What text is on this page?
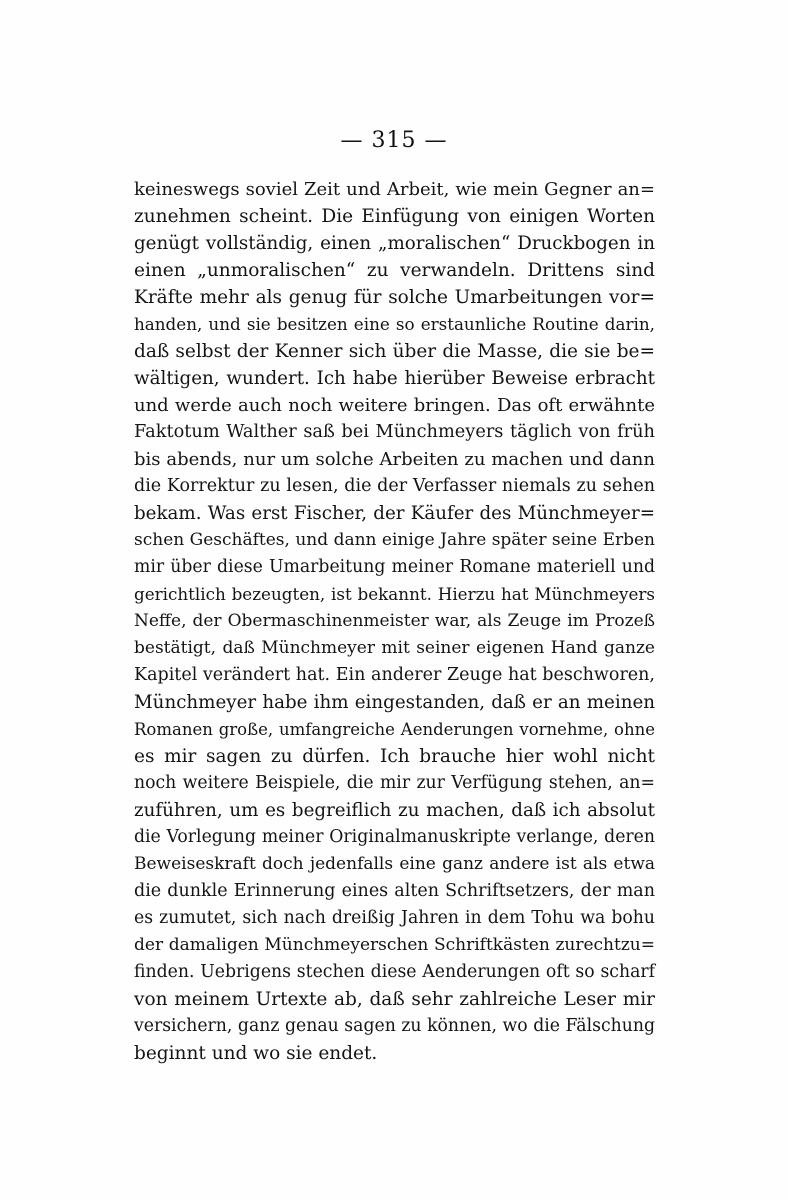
— 315 —
keineswegs soviel Zeit und Arbeit, wie mein Gegner an=
zunehmen scheint. Die Einfügung von einigen Worten
genügt vollständig, einen „moralischen“ Druckbogen in
einen „unmoralischen“ zu verwandeln. Drittens sind
Kräfte mehr als genug für solche Umarbeitungen vor=
handen, und sie besitzen eine so erstaunliche Routine darin,
daß selbst der Kenner sich über die Masse, die sie be=
wältigen, wundert. Ich habe hierüber Beweise erbracht
und werde auch noch weitere bringen. Das oft erwähnte
Faktotum Walther saß bei Münchmeyers täglich von früh
bis abends, nur um solche Arbeiten zu machen und dann
die Korrektur zu lesen, die der Verfasser niemals zu sehen
bekam. Was erst Fischer, der Käufer des Münchmeyer=
schen Geschäftes, und dann einige Jahre später seine Erben
mir über diese Umarbeitung meiner Romane materiell und
gerichtlich bezeugten, ist bekannt. Hierzu hat Münchmeyers
Neffe, der Obermaschinenmeister war, als Zeuge im Prozeß
bestätigt, daß Münchmeyer mit seiner eigenen Hand ganze
Kapitel verändert hat. Ein anderer Zeuge hat beschworen,
Münchmeyer habe ihm eingestanden, daß er an meinen
Romanen große, umfangreiche Aenderungen vornehme, ohne
es mir sagen zu dürfen. Ich brauche hier wohl nicht
noch weitere Beispiele, die mir zur Verfügung stehen, an=
zuführen, um es begreiflich zu machen, daß ich absolut
die Vorlegung meiner Originalmanuskripte verlange, deren
Beweiseskraft doch jedenfalls eine ganz andere ist als etwa
die dunkle Erinnerung eines alten Schriftsetzers, der man
es zumutet, sich nach dreißig Jahren in dem Tohu wa bohu
der damaligen Münchmeyerschen Schriftkästen zurechtzu=
finden. Uebrigens stechen diese Aenderungen oft so scharf
von meinem Urtexte ab, daß sehr zahlreiche Leser mir
versichern, ganz genau sagen zu können, wo die Fälschung
beginnt und wo sie endet.
